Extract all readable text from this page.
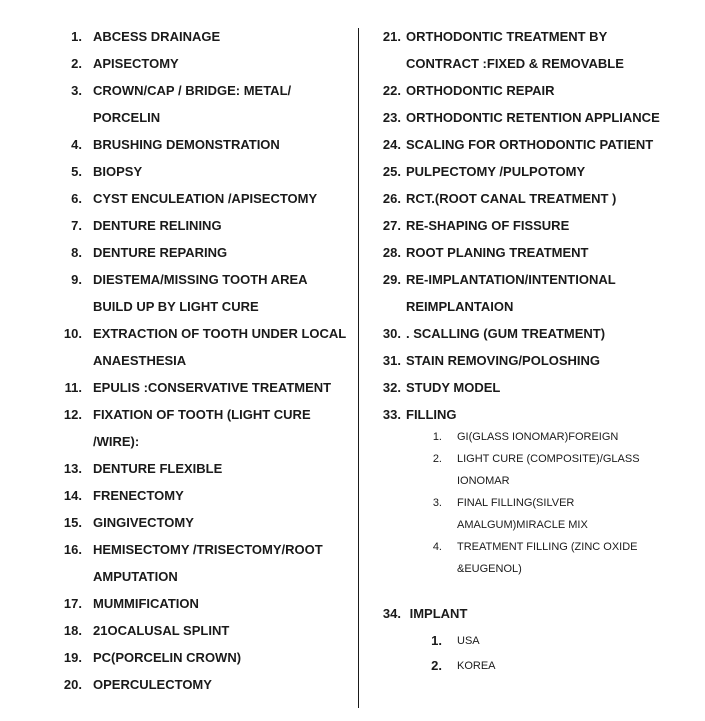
1. ABCESS DRAINAGE
2. APISECTOMY
3. CROWN/CAP / BRIDGE: METAL/
PORCELIN
4. BRUSHING DEMONSTRATION
5. BIOPSY
6. CYST ENCULEATION /APISECTOMY
7. DENTURE RELINING
8. DENTURE REPARING
9. DIESTEMA/MISSING TOOTH AREA
BUILD UP BY LIGHT CURE
10. EXTRACTION OF TOOTH UNDER LOCAL
ANAESTHESIA
11. EPULIS :CONSERVATIVE TREATMENT
12. FIXATION OF TOOTH (LIGHT CURE
/WIRE):
13. DENTURE FLEXIBLE
14. FRENECTOMY
15. GINGIVECTOMY
16. HEMISECTOMY /TRISECTOMY/ROOT
AMPUTATION
17. MUMMIFICATION
18. 21OCALUSAL SPLINT
19. PC(PORCELIN CROWN)
20. OPERCULECTOMY
21. ORTHODONTIC TREATMENT BY
CONTRACT :FIXED & REMOVABLE
22. ORTHODONTIC REPAIR
23. ORTHODONTIC RETENTION APPLIANCE
24. SCALING FOR ORTHODONTIC PATIENT
25. PULPECTOMY /PULPOTOMY
26. RCT.(ROOT CANAL TREATMENT )
27. RE-SHAPING OF FISSURE
28. ROOT PLANING TREATMENT
29. RE-IMPLANTATION/INTENTIONAL
REIMPLANTAION
30. . SCALLING (GUM TREATMENT)
31. STAIN REMOVING/POLOSHING
32. STUDY MODEL
33. FILLING
1. GI(GLASS IONOMAR)FOREIGN
2. LIGHT CURE (COMPOSITE)/GLASS
IONOMAR
3. FINAL FILLING(SILVER
AMALGUM)MIRACLE MIX
4. TREATMENT FILLING (ZINC OXIDE
&EUGENOL)
34. IMPLANT
1. USA
2. KOREA
